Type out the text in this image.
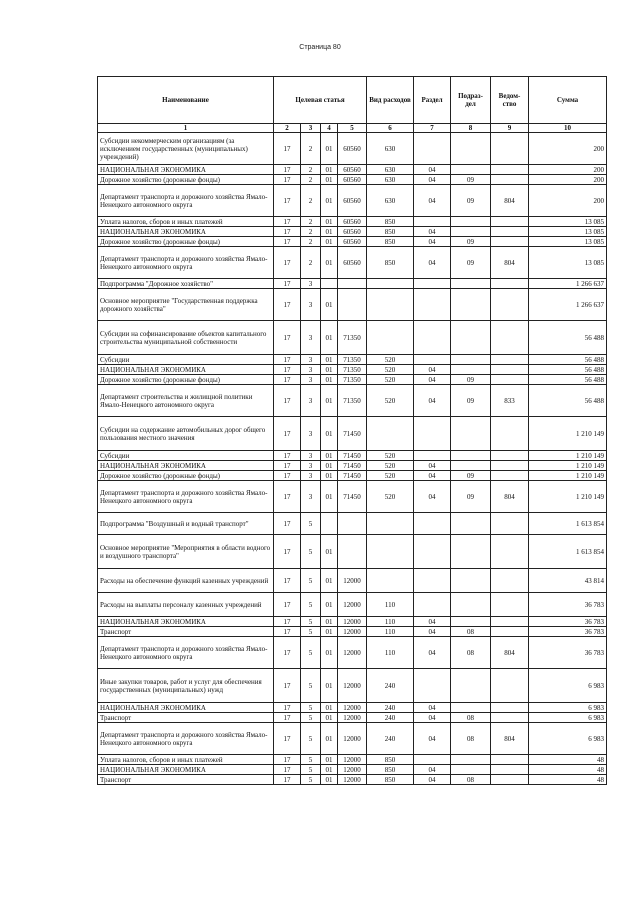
Страница 80
Наименование	Целевая статья				Вид расходов	Раздел	Подраз-дел	Ведом-ство	Сумма
1	2	3	4	5	6	7	8	9	10
Субсидии некоммерческим организациям (за исключением государственных (муниципальных) учреждений)	17	2	01	60560	630				200
НАЦИОНАЛЬНАЯ ЭКОНОМИКА	17	2	01	60560	630	04			200
Дорожное хозяйство (дорожные фонды)	17	2	01	60560	630	04	09		200
Департамент транспорта и дорожного хозяйства Ямало-Ненецкого автономного округа	17	2	01	60560	630	04	09	804	200
Уплата налогов, сборов и иных платежей	17	2	01	60560	850				13 085
НАЦИОНАЛЬНАЯ ЭКОНОМИКА	17	2	01	60560	850	04			13 085
Дорожное хозяйство (дорожные фонды)	17	2	01	60560	850	04	09		13 085
Департамент транспорта и дорожного хозяйства Ямало-Ненецкого автономного округа	17	2	01	60560	850	04	09	804	13 085
Подпрограмма "Дорожное хозяйство"	17	3							1 266 637
Основное мероприятие "Государственная поддержка дорожного хозяйства"	17	3	01						1 266 637
Субсидии на софинансирование объектов капитального строительства муниципальной собственности	17	3	01	71350					56 488
Субсидии	17	3	01	71350	520				56 488
НАЦИОНАЛЬНАЯ ЭКОНОМИКА	17	3	01	71350	520	04			56 488
Дорожное хозяйство (дорожные фонды)	17	3	01	71350	520	04	09		56 488
Департамент строительства и жилищной политики Ямало-Ненецкого автономного округа	17	3	01	71350	520	04	09	833	56 488
Субсидии на содержание автомобильных дорог общего пользования местного значения	17	3	01	71450					1 210 149
Субсидии	17	3	01	71450	520				1 210 149
НАЦИОНАЛЬНАЯ ЭКОНОМИКА	17	3	01	71450	520	04			1 210 149
Дорожное хозяйство (дорожные фонды)	17	3	01	71450	520	04	09		1 210 149
Департамент транспорта и дорожного хозяйства Ямало-Ненецкого автономного округа	17	3	01	71450	520	04	09	804	1 210 149
Подпрограмма "Воздушный и водный транспорт"	17	5							1 613 854
Основное мероприятие "Мероприятия в области водного и воздушного транспорта"	17	5	01						1 613 854
Расходы на обеспечение функций казенных учреждений	17	5	01	12000					43 814
Расходы на выплаты персоналу казенных учреждений	17	5	01	12000	110				36 783
НАЦИОНАЛЬНАЯ ЭКОНОМИКА	17	5	01	12000	110	04			36 783
Транспорт	17	5	01	12000	110	04	08		36 783
Департамент транспорта и дорожного хозяйства Ямало-Ненецкого автономного округа	17	5	01	12000	110	04	08	804	36 783
Иные закупки товаров, работ и услуг для обеспечения государственных (муниципальных) нужд	17	5	01	12000	240				6 983
НАЦИОНАЛЬНАЯ ЭКОНОМИКА	17	5	01	12000	240	04			6 983
Транспорт	17	5	01	12000	240	04	08		6 983
Департамент транспорта и дорожного хозяйства Ямало-Ненецкого автономного округа	17	5	01	12000	240	04	08	804	6 983
Уплата налогов, сборов и иных платежей	17	5	01	12000	850				48
НАЦИОНАЛЬНАЯ ЭКОНОМИКА	17	5	01	12000	850	04			48
Транспорт	17	5	01	12000	850	04	08		48
